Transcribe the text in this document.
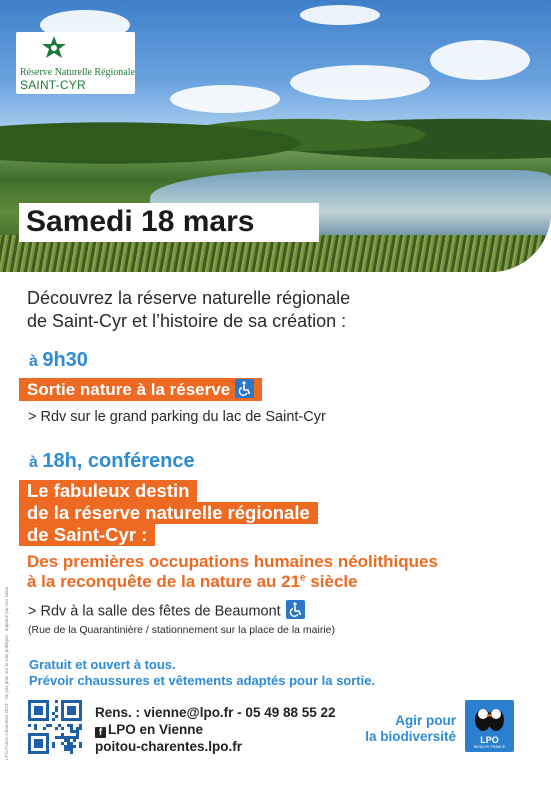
Réserve Naturelle Régionale
SAINT-CYR
Samedi 18 mars
Découvrez la réserve naturelle régionale
de Saint-Cyr et l’histoire de sa création :
à 9h30
Sortie nature à la réserve
> Rdv sur le grand parking du lac de Saint-Cyr
à 18h, conférence
Le fabuleux destin
de la réserve naturelle régionale
de Saint-Cyr :
Des premières occupations humaines néolithiques
à la reconquête de la nature au 21e siècle
> Rdv à la salle des fêtes de Beaumont
(Rue de la Quarantinière / stationnement sur la place de la mairie)
Gratuit et ouvert à tous.
Prévoir chaussures et vêtements adaptés pour la sortie.
LPO Poitou-Charentes 2023 · Ne pas jeter sur la voie publique · Imprimé par nos soins	Rens. : vienne@lpo.fr - 05 49 88 55 22
f LPO en Vienne
poitou-charentes.lpo.fr
Agir pour
la biodiversité	LPO
BIRDLIFE FRANCE
